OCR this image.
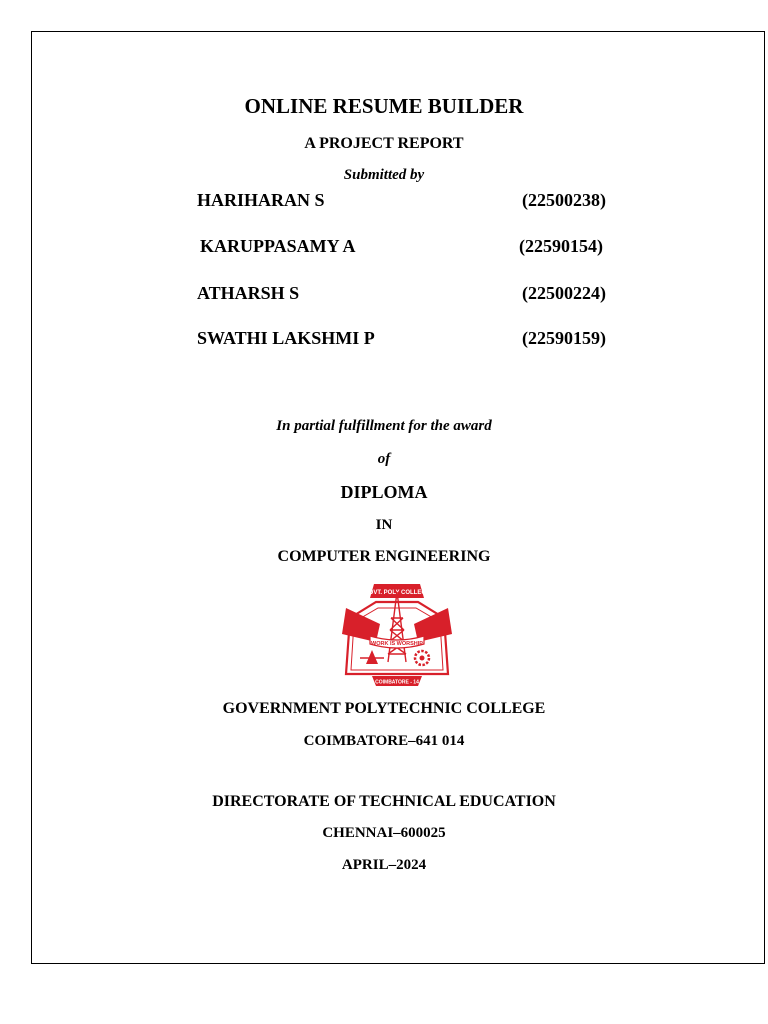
ONLINE RESUME BUILDER
A PROJECT REPORT
Submitted by
HARIHARAN S	(22500238)
KARUPPASAMY A	(22590154)
ATHARSH S	(22500224)
SWATHI LAKSHMI P	(22590159)
In partial fulfillment for the award
of
DIPLOMA
IN
COMPUTER ENGINEERING
GOVT. POLY COLLEGE
WORK IS WORSHIP
COIMBATORE - 14
GOVERNMENT POLYTECHNIC COLLEGE
COIMBATORE–641 014
DIRECTORATE OF TECHNICAL EDUCATION
CHENNAI–600025
APRIL–2024
